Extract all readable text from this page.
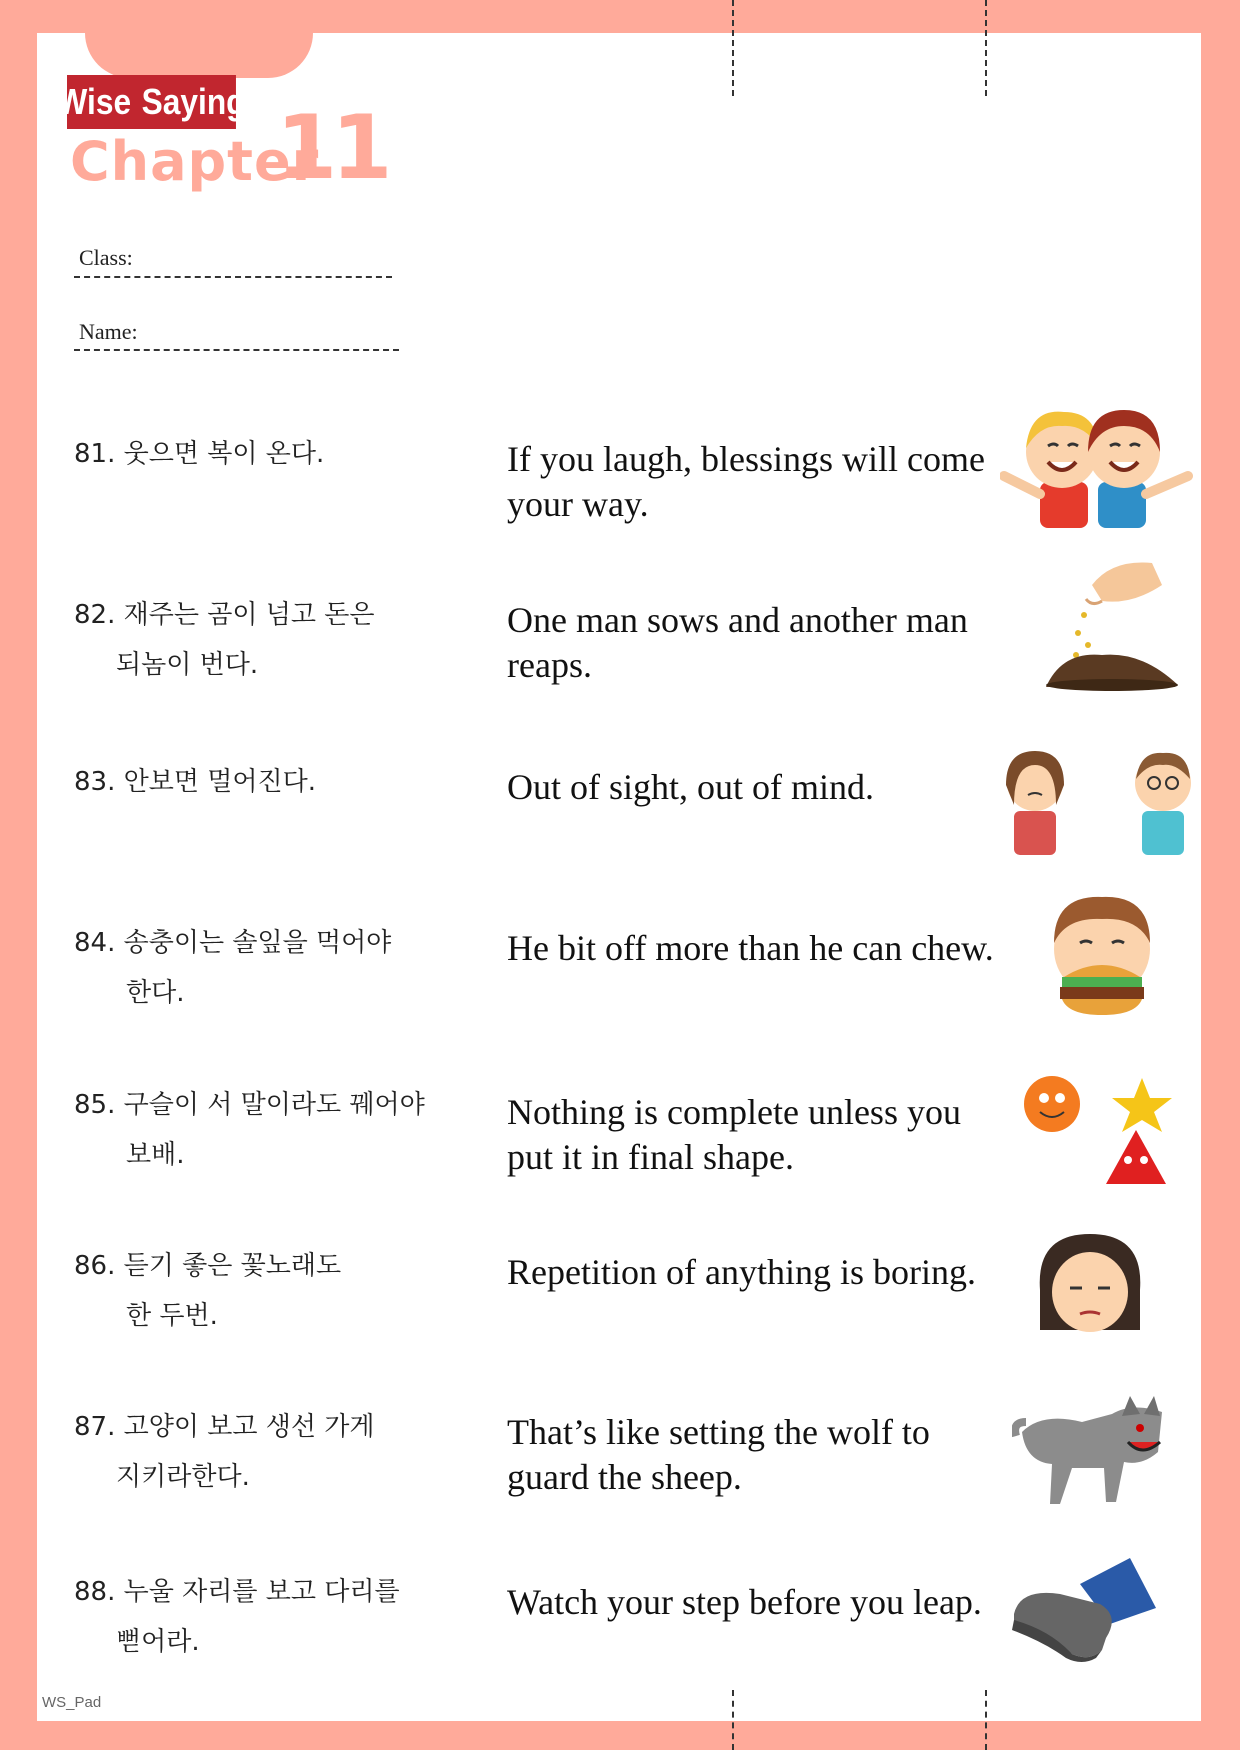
Wise Saying
Chapter
11
Class:
Name:
81. 웃으면 복이 온다.	If you laugh, blessings will come your way.
82. 재주는 곰이 넘고 돈은
되놈이 번다.
One man sows and another man reaps.
83. 안보면 멀어진다.	Out of sight, out of mind.
84. 송충이는 솔잎을 먹어야
한다.
He bit off more than he can chew.
85. 구슬이 서 말이라도 꿰어야
보배.
Nothing is complete unless you put it in final shape.
86. 듣기 좋은 꽃노래도
한 두번.
Repetition of anything is boring.
87. 고양이 보고 생선 가게
지키라한다.
That’s like setting the wolf to guard the sheep.
88. 누울 자리를 보고 다리를
뻗어라.
Watch your step before you leap.
WS_Pad
